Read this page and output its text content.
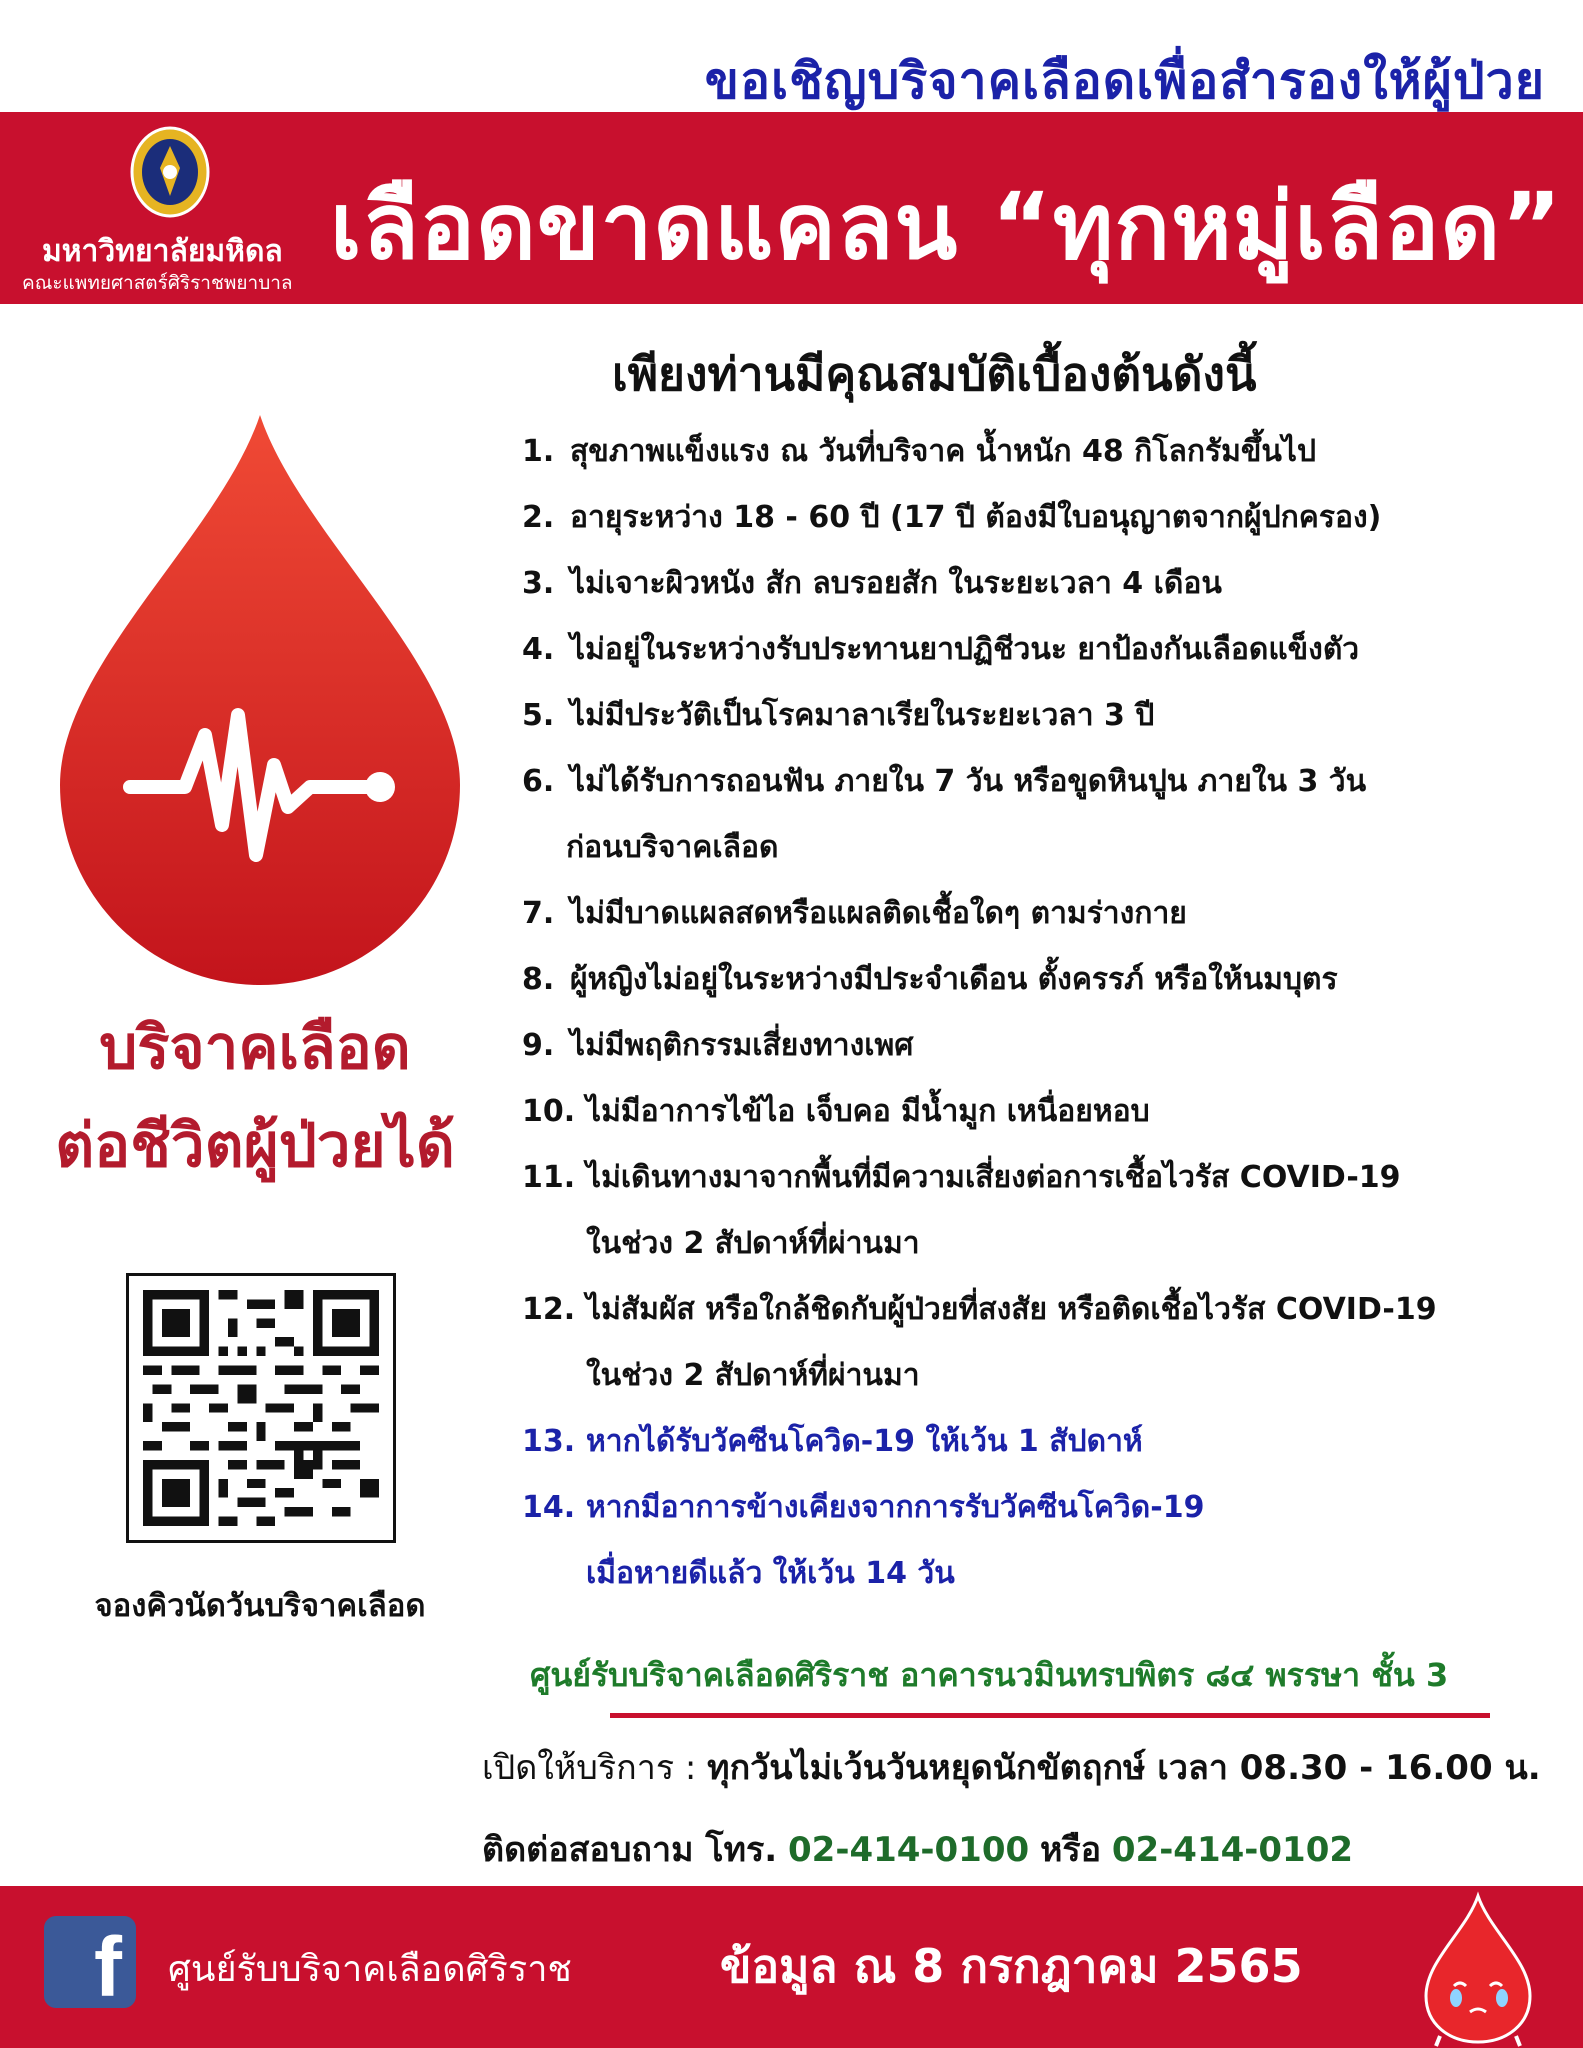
ขอเชิญบริจาคเลือดเพื่อสำรองให้ผู้ป่วย
มหาวิทยาลัยมหิดล
คณะแพทยศาสตร์ศิริราชพยาบาล
เลือดขาดแคลน “ทุกหมู่เลือด”
บริจาคเลือด
ต่อชีวิตผู้ป่วยได้
จองคิวนัดวันบริจาคเลือด
เพียงท่านมีคุณสมบัติเบื้องต้นดังนี้
1. สุขภาพแข็งแรง ณ วันที่บริจาค น้ำหนัก 48 กิโลกรัมขึ้นไป
2. อายุระหว่าง 18 - 60 ปี (17 ปี ต้องมีใบอนุญาตจากผู้ปกครอง)
3. ไม่เจาะผิวหนัง สัก ลบรอยสัก ในระยะเวลา 4 เดือน
4. ไม่อยู่ในระหว่างรับประทานยาปฏิชีวนะ ยาป้องกันเลือดแข็งตัว
5. ไม่มีประวัติเป็นโรคมาลาเรียในระยะเวลา 3 ปี
6. ไม่ได้รับการถอนฟัน ภายใน 7 วัน หรือขูดหินปูน ภายใน 3 วัน
ก่อนบริจาคเลือด
7. ไม่มีบาดแผลสดหรือแผลติดเชื้อใดๆ ตามร่างกาย
8. ผู้หญิงไม่อยู่ในระหว่างมีประจำเดือน ตั้งครรภ์ หรือให้นมบุตร
9. ไม่มีพฤติกรรมเสี่ยงทางเพศ
10. ไม่มีอาการไข้ไอ เจ็บคอ มีน้ำมูก เหนื่อยหอบ
11. ไม่เดินทางมาจากพื้นที่มีความเสี่ยงต่อการเชื้อไวรัส COVID-19
ในช่วง 2 สัปดาห์ที่ผ่านมา
12. ไม่สัมผัส หรือใกล้ชิดกับผู้ป่วยที่สงสัย หรือติดเชื้อไวรัส COVID-19
ในช่วง 2 สัปดาห์ที่ผ่านมา
13. หากได้รับวัคซีนโควิด-19 ให้เว้น 1 สัปดาห์
14. หากมีอาการข้างเคียงจากการรับวัคซีนโควิด-19
เมื่อหายดีแล้ว ให้เว้น 14 วัน
ศูนย์รับบริจาคเลือดศิริราช อาคารนวมินทรบพิตร ๘๔ พรรษา ชั้น 3
เปิดให้บริการ : ทุกวันไม่เว้นวันหยุดนักขัตฤกษ์ เวลา 08.30 - 16.00 น.
ติดต่อสอบถาม โทร. 02-414-0100 หรือ 02-414-0102
f ศูนย์รับบริจาคเลือดศิริราช	ข้อมูล ณ 8 กรกฎาคม 2565
